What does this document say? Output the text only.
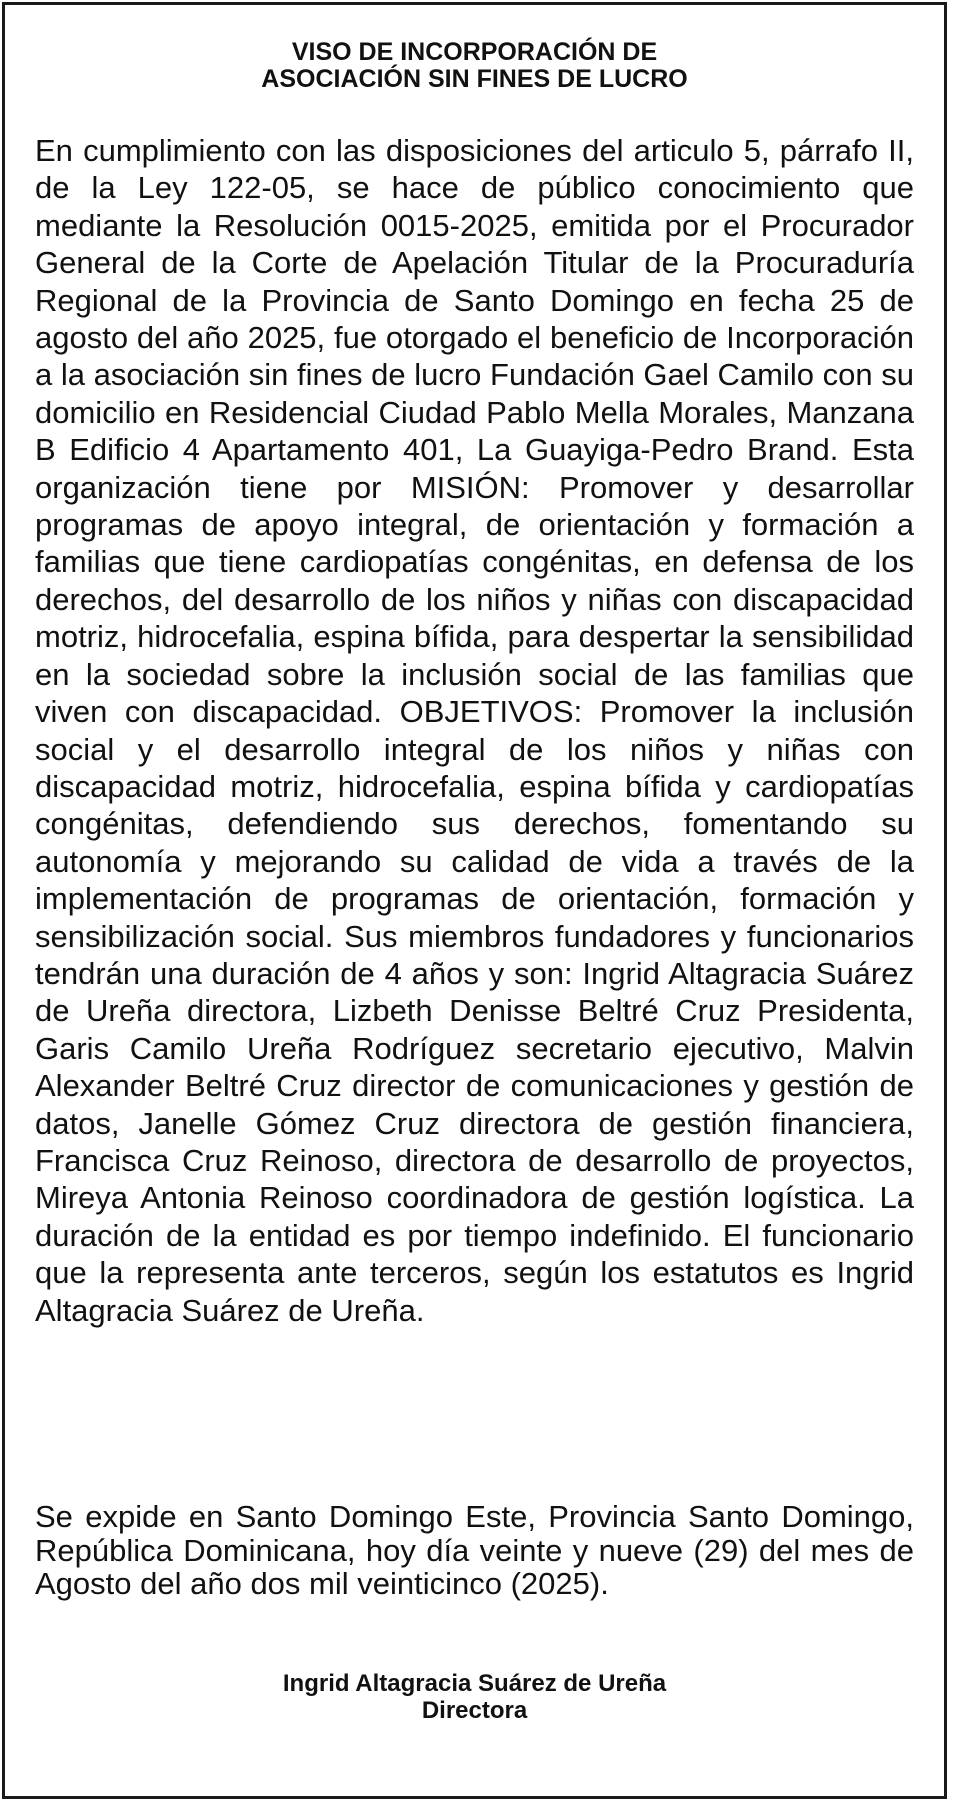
VISO DE INCORPORACIÓN DE
ASOCIACIÓN SIN FINES DE LUCRO

En cumplimiento con las disposiciones del articulo 5, párrafo II, de la Ley 122-05, se hace de público conocimiento que mediante la Resolución 0015-2025, emitida por el Procurador General de la Corte de Apelación Titular de la Procuraduría Regional de la Provincia de Santo Domingo en fecha 25 de agosto del año 2025, fue otorgado el beneficio de Incorporación a la asociación sin fines de lucro Fundación Gael Camilo con su domicilio en Residencial Ciudad Pablo Mella Morales, Manzana B Edificio 4 Apartamento 401, La Guayiga-Pedro Brand. Esta organización tiene por MISIÓN: Promover y desarrollar programas de apoyo integral, de orientación y formación a familias que tiene cardiopatías congénitas, en defensa de los derechos, del desarrollo de los niños y niñas con discapacidad motriz, hidrocefalia, espina bífida, para despertar la sensibilidad en la sociedad sobre la inclusión social de las familias que viven con discapacidad. OBJETIVOS: Promover la inclusión social y el desarrollo integral de los niños y niñas con discapacidad motriz, hidrocefalia, espina bífida y cardiopatías congénitas, defendiendo sus derechos, fomentando su autonomía y mejorando su calidad de vida a través de la implementación de programas de orientación, formación y sensibilización social. Sus miembros fundadores y funcionarios tendrán una duración de 4 años y son: Ingrid Altagracia Suárez de Ureña directora, Lizbeth Denisse Beltré Cruz Presidenta, Garis Camilo Ureña Rodríguez secretario ejecutivo, Malvin Alexander Beltré Cruz director de comunicaciones y gestión de datos, Janelle Gómez Cruz directora de gestión financiera, Francisca Cruz Reinoso, directora de desarrollo de proyectos, Mireya Antonia Reinoso coordinadora de gestión logística. La duración de la entidad es por tiempo indefinido. El funcionario que la representa ante terceros, según los estatutos es Ingrid Altagracia Suárez de Ureña.

Se expide en Santo Domingo Este, Provincia Santo Domingo, República Dominicana, hoy día veinte y nueve (29) del mes de Agosto del año dos mil veinticinco (2025).

Ingrid Altagracia Suárez de Ureña
Directora
